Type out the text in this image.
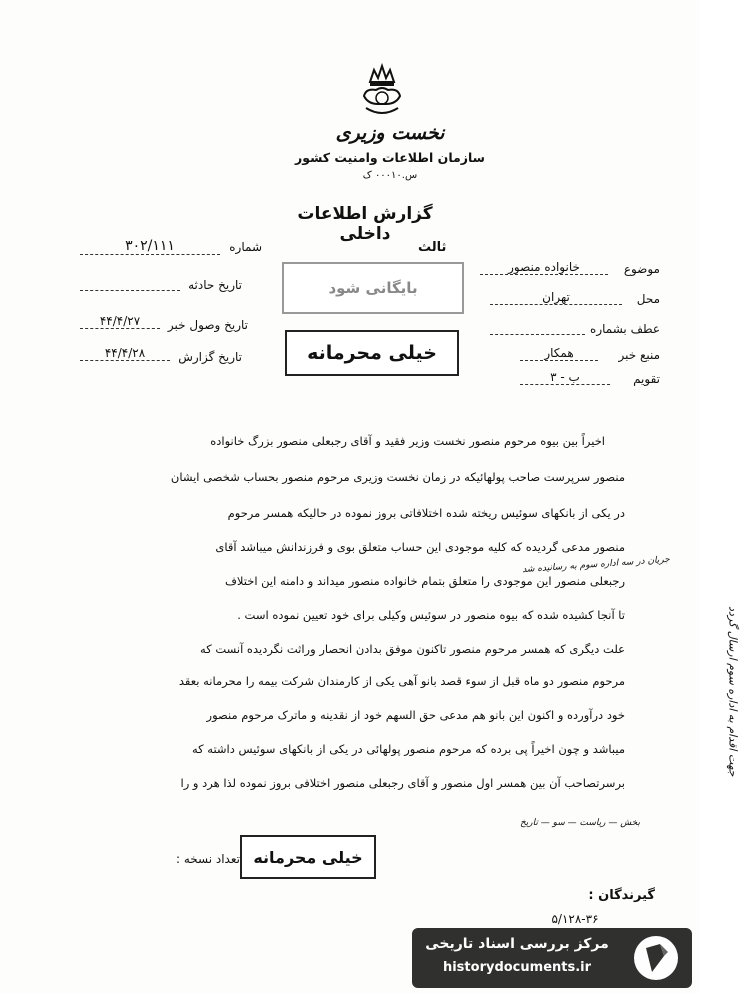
نخست وزیری
سازمان اطلاعات وامنیت کشور
س.۰۰۰۱۰ ک
گزارش اطلاعات داخلی
شماره
۳۰۲/۱۱۱
تاریخ حادثه
تاریخ وصول خبر
۴۴/۴/۲۷
تاریخ گزارش
۴۴/۴/۲۸
موضوع
خانواده منصور
ثالث
محل
تهران
عطف بشماره
منبع خبر
همکار
تقویم
ب - ۳
بایگانی شود
خیلی محرمانه
اخیراً بین بیوه مرحوم منصور نخست وزیر فقید و آقای رجبعلی منصور بزرگ خانواده
منصور سرپرست صاحب پولهائیکه در زمان نخست وزیری مرحوم منصور بحساب شخصی ایشان
در یکی از بانکهای سوئیس ریخته شده اختلافاتی بروز نموده در حالیکه همسر مرحوم
منصور مدعی گردیده که کلیه موجودی این حساب متعلق بوی و فرزندانش میباشد آقای
رجبعلی منصور این موجودی را متعلق بتمام خانواده منصور میداند و دامنه این اختلاف
تا آنجا کشیده شده که بیوه منصور در سوئیس وکیلی برای خود تعیین نموده است .
علت دیگری که همسر مرحوم منصور تاکنون موفق بدادن انحصار وراثت نگردیده آنست که
مرحوم منصور دو ماه قبل از سوء قصد بانو آهی یکی از کارمندان شرکت بیمه را محرمانه بعقد
خود درآورده و اکنون این بانو هم مدعی حق السهم خود از نقدینه و ماترک مرحوم منصور
میباشد و چون اخیراً پی برده که مرحوم منصور پولهائی در یکی از بانکهای سوئیس داشته که
برسرتصاحب آن بین همسر اول منصور و آقای رجبعلی منصور اختلافی بروز نموده لذا هرد و را
جریان در سه اداره سوم به رسانیده شد
جهت اقدام به اداره سوم ارسال گردد
بخش — ریاست — سو — تاریخ
خیلی محرمانه
تعداد نسخه :
گیرندگان :
۵/۱۲۸-۳۶
مرکز بررسی اسناد تاریخی
historydocuments.ir
